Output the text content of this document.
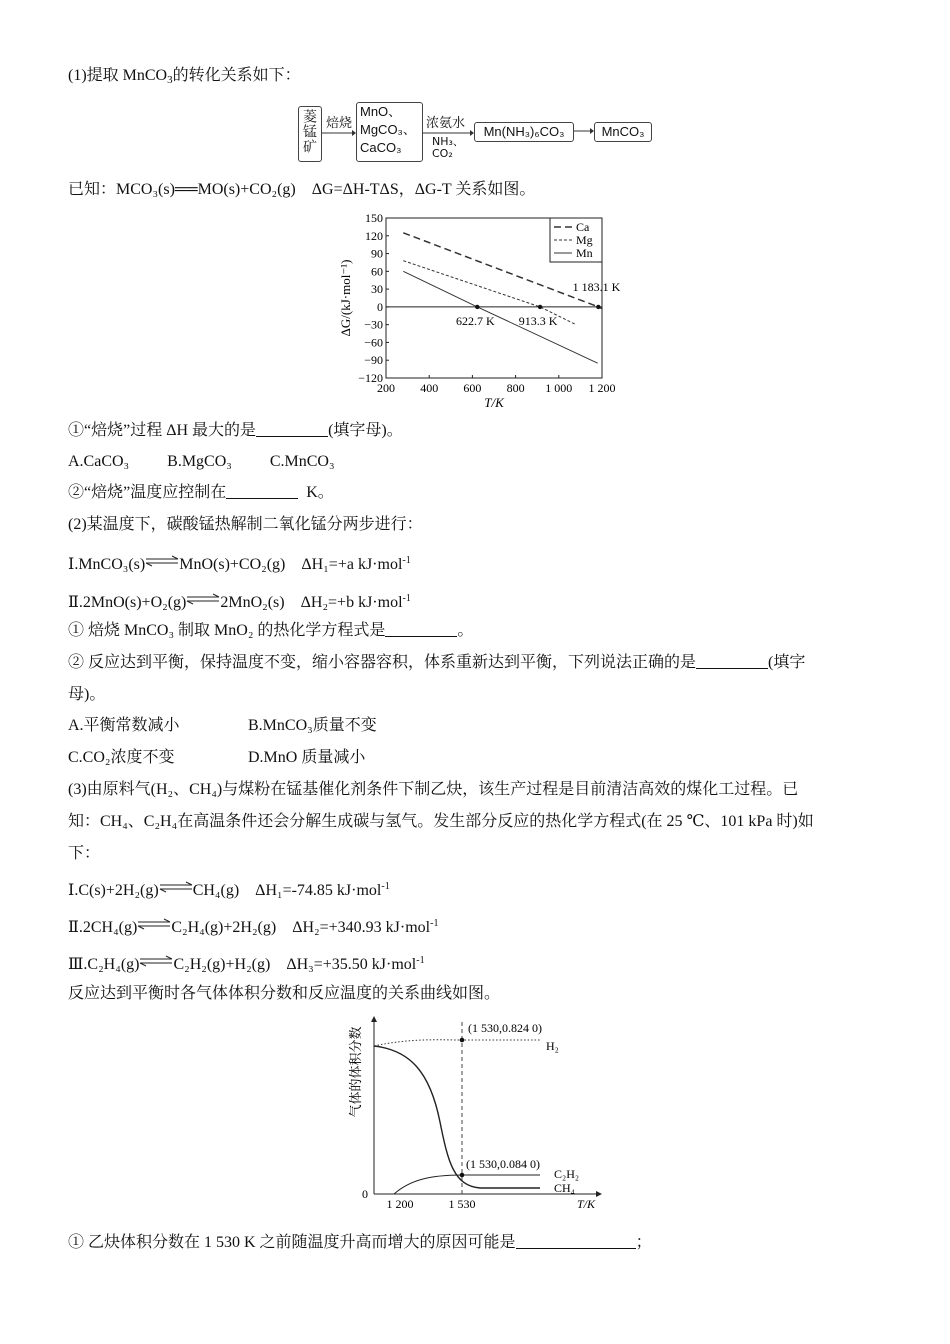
(1)提取 MnCO$_3$的转化关系如下：
菱锰矿 焙烧
MnO、
MgCO₃、
CaCO₃
浓氨水
NH₃、
CO₂
Mn(NH₃)₆CO₃	MnCO₃
已知：MCO₃(s)══MO(s)+CO₂(g)　ΔG=ΔH-TΔS，ΔG-T 关系如图。
150
120
90
60
30
0
−30
−60
−90
−120
200 400 600 800 1 000 1 200
T/K
ΔG/(kJ·mol⁻¹)
Ca
Mg
Mn
622.7 K 913.3 K
1 183.1 K
①“焙烧”过程 ΔH 最大的是	(填字母)。
A.CaCO₃ B.MgCO₃ C.MnCO₃
②“焙烧”温度应控制在	K。
(2)某温度下，碳酸锰热解制二氧化锰分两步进行：
Ⅰ.MnCO₃(s)⇌MnO(s)+CO₂(g)　ΔH₁=+a kJ·mol$^{-1}$
Ⅱ.2MnO(s)+O₂(g)⇌2MnO₂(s)　ΔH₂=+b kJ·mol$^{-1}$
① 焙烧 MnCO₃ 制取 MnO₂ 的热化学方程式是	。
② 反应达到平衡，保持温度不变，缩小容器容积，体系重新达到平衡，下列说法正确的是	(填字
母)。
A.平衡常数减小	B.MnCO₃质量不变
C.CO₂浓度不变	D.MnO 质量减小
(3)由原料气(H₂、CH₄)与煤粉在锰基催化剂条件下制乙炔，该生产过程是目前清洁高效的煤化工过程。已
知：CH₄、C₂H₄在高温条件还会分解生成碳与氢气。发生部分反应的热化学方程式(在 25 ℃、101 kPa 时)如
下：
Ⅰ.C(s)+2H₂(g)⇌CH₄(g)　ΔH₁=-74.85 kJ·mol$^{-1}$
Ⅱ.2CH₄(g)⇌C₂H₄(g)+2H₂(g)　ΔH₂=+340.93 kJ·mol$^{-1}$
Ⅲ.C₂H₄(g)⇌C₂H₂(g)+H₂(g)　ΔH₃=+35.50 kJ·mol$^{-1}$
反应达到平衡时各气体体积分数和反应温度的关系曲线如图。
0
1 200	1 530	T/K
气体的体积分数	(1 530,0.824 0)
(1 530,0.084 0)
H₂
C₂H₂
CH₄
① 乙炔体积分数在 1 530 K 之前随温度升高而增大的原因可能是	；
